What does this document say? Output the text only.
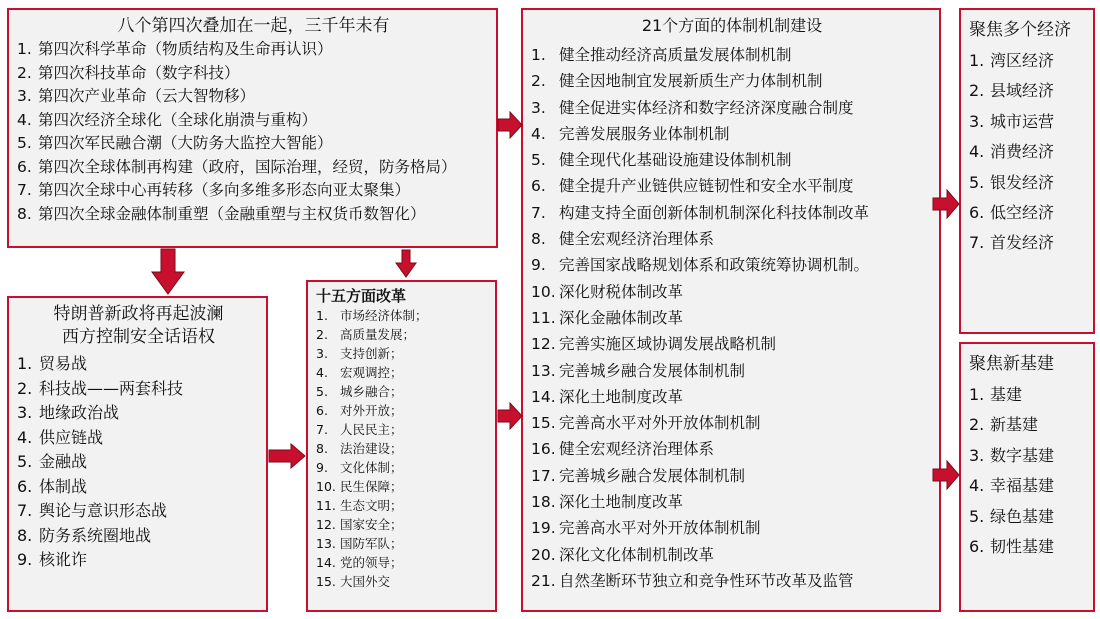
八个第四次叠加在一起，三千年未有
1. 第四次科学革命（物质结构及生命再认识）
2. 第四次科技革命（数字科技）
3. 第四次产业革命（云大智物移）
4. 第四次经济全球化（全球化崩溃与重构）
5. 第四次军民融合潮（大防务大监控大智能）
6. 第四次全球体制再构建（政府，国际治理，经贸，防务格局）
7. 第四次全球中心再转移（多向多维多形态向亚太聚集）
8. 第四次全球金融体制重塑（金融重塑与主权货币数智化）
特朗普新政将再起波澜
西方控制安全话语权
1. 贸易战
2. 科技战——两套科技
3. 地缘政治战
4. 供应链战
5. 金融战
6. 体制战
7. 舆论与意识形态战
8. 防务系统圈地战
9. 核讹诈
十五方面改革
1. 市场经济体制；
2. 高质量发展；
3. 支持创新；
4. 宏观调控；
5. 城乡融合；
6. 对外开放；
7. 人民民主；
8. 法治建设；
9. 文化体制；
10. 民生保障；
11. 生态文明；
12. 国家安全；
13. 国防军队；
14. 党的领导；
15. 大国外交
21个方面的体制机制建设
1. 健全推动经济高质量发展体制机制
2. 健全因地制宜发展新质生产力体制机制
3. 健全促进实体经济和数字经济深度融合制度
4. 完善发展服务业体制机制
5. 健全现代化基础设施建设体制机制
6. 健全提升产业链供应链韧性和安全水平制度
7. 构建支持全面创新体制机制深化科技体制改革
8. 健全宏观经济治理体系
9. 完善国家战略规划体系和政策统筹协调机制。
10. 深化财税体制改革
11. 深化金融体制改革
12. 完善实施区域协调发展战略机制
13. 完善城乡融合发展体制机制
14. 深化土地制度改革
15. 完善高水平对外开放体制机制
16. 健全宏观经济治理体系
17. 完善城乡融合发展体制机制
18. 深化土地制度改革
19. 完善高水平对外开放体制机制
20. 深化文化体制机制改革
21. 自然垄断环节独立和竞争性环节改革及监管
聚焦多个经济
1. 湾区经济
2. 县域经济
3. 城市运营
4. 消费经济
5. 银发经济
6. 低空经济
7. 首发经济
聚焦新基建
1. 基建
2. 新基建
3. 数字基建
4. 幸福基建
5. 绿色基建
6. 韧性基建
